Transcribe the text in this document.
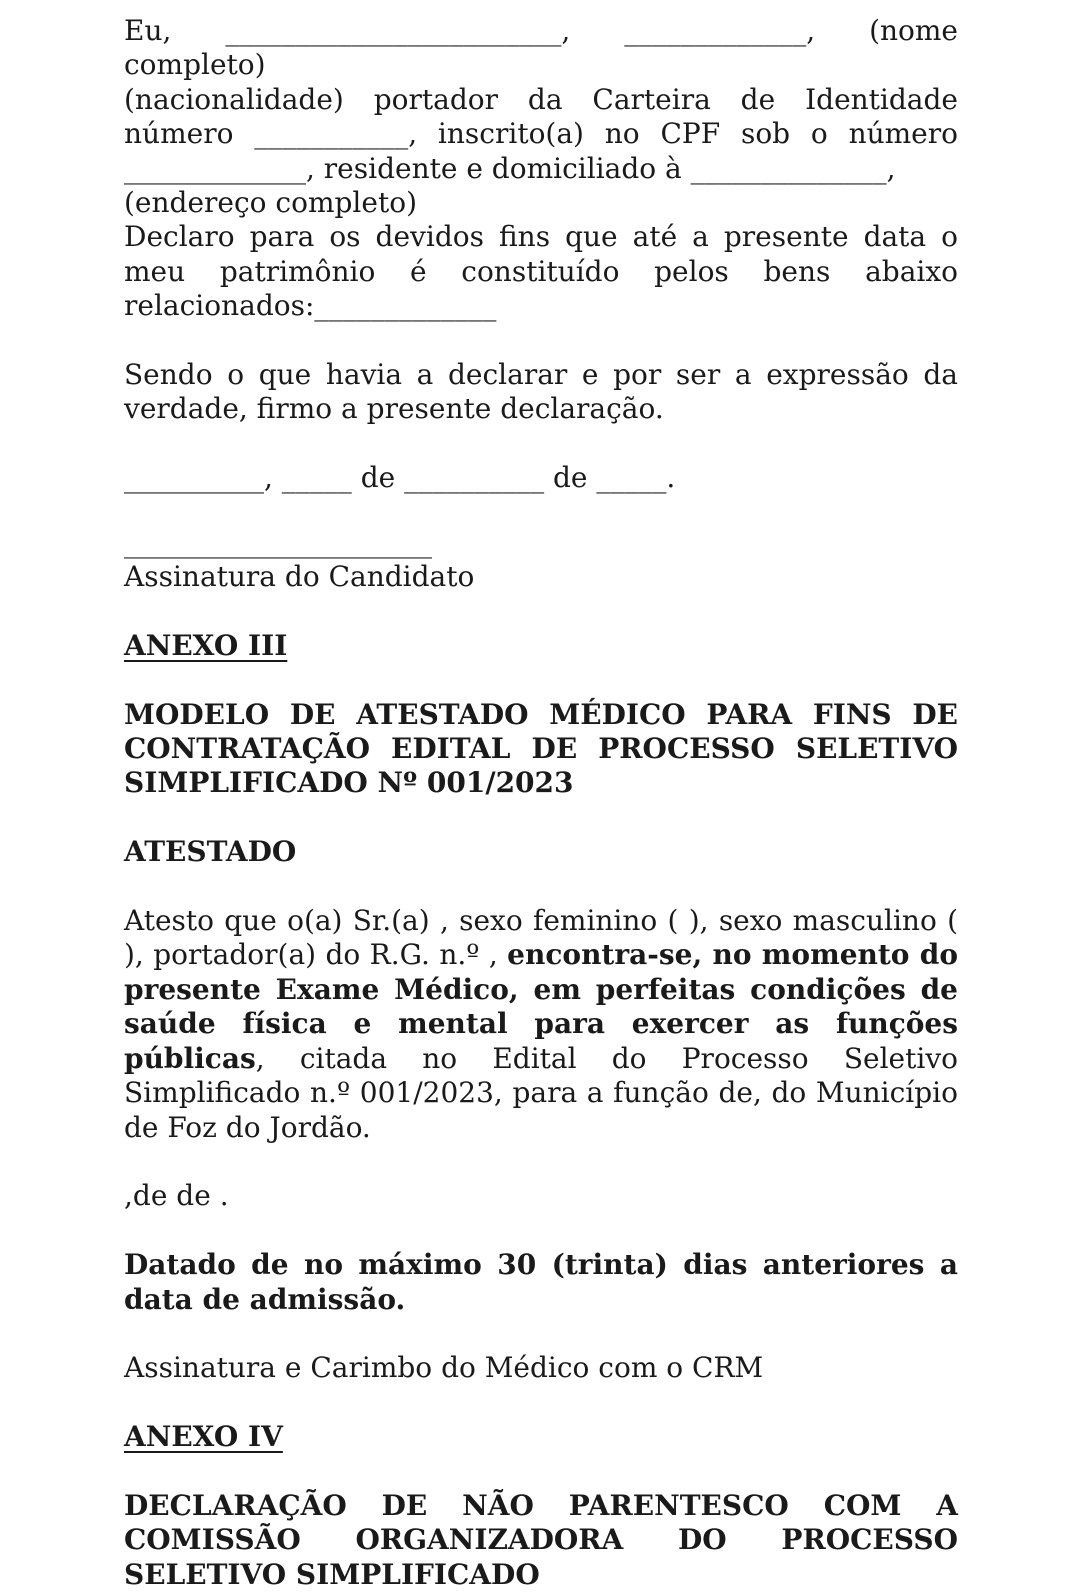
Eu, ________________________, _____________, (nome completo)

(nacionalidade) portador da Carteira de Identidade

número ___________, inscrito(a) no CPF sob o número

_____________, residente e domiciliado à ______________,

(endereço completo)

Declaro para os devidos fins que até a presente data o meu patrimônio é constituído pelos bens abaixo relacionados:_____________

Sendo o que havia a declarar e por ser a expressão da verdade, firmo a presente declaração.

__________, _____ de __________ de _____.

______________________

Assinatura do Candidato

ANEXO III

MODELO DE ATESTADO MÉDICO PARA FINS DE CONTRATAÇÃO EDITAL DE PROCESSO SELETIVO SIMPLIFICADO Nº 001/2023

ATESTADO

Atesto que o(a) Sr.(a) , sexo feminino ( ), sexo masculino ( ), portador(a) do R.G. n.º , encontra-se, no momento do presente Exame Médico, em perfeitas condições de saúde física e mental para exercer as funções públicas, citada no Edital do Processo Seletivo Simplificado n.º 001/2023, para a função de, do Município de Foz do Jordão.

,de de .

Datado de no máximo 30 (trinta) dias anteriores a data de admissão.

Assinatura e Carimbo do Médico com o CRM

ANEXO IV

DECLARAÇÃO DE NÃO PARENTESCO COM A COMISSÃO ORGANIZADORA DO PROCESSO SELETIVO SIMPLIFICADO
